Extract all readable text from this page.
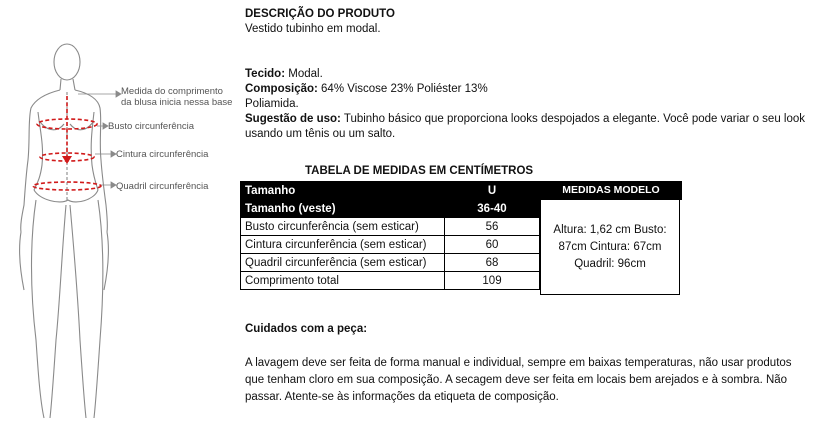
Medida do comprimento
da blusa inicia nessa base
Busto circunferência
Cintura circunferência
Quadril circunferência

DESCRIÇÃO DO PRODUTO

Vestido tubinho em modal.

Tecido: Modal.

Composição: 64% Viscose 23% Poliéster 13%

Poliamida.

Sugestão de uso: Tubinho básico que proporciona looks despojados a elegante. Você pode variar o seu look usando um tênis ou um salto.

TABELA DE MEDIDAS EM CENTÍMETROS
Tamanho	U
Tamanho (veste)	36-40
Busto circunferência (sem esticar)	56
Cintura circunferência (sem esticar)	60
Quadril circunferência (sem esticar)	68
Comprimento total	109
MEDIDAS MODELO
Altura: 1,62 cm Busto: 87cm Cintura: 67cm Quadril: 96cm

Cuidados com a peça:

A lavagem deve ser feita de forma manual e individual, sempre em baixas temperaturas, não usar produtos que tenham cloro em sua composição. A secagem deve ser feita em locais bem arejados e à sombra. Não passar. Atente-se às informações da etiqueta de composição.
